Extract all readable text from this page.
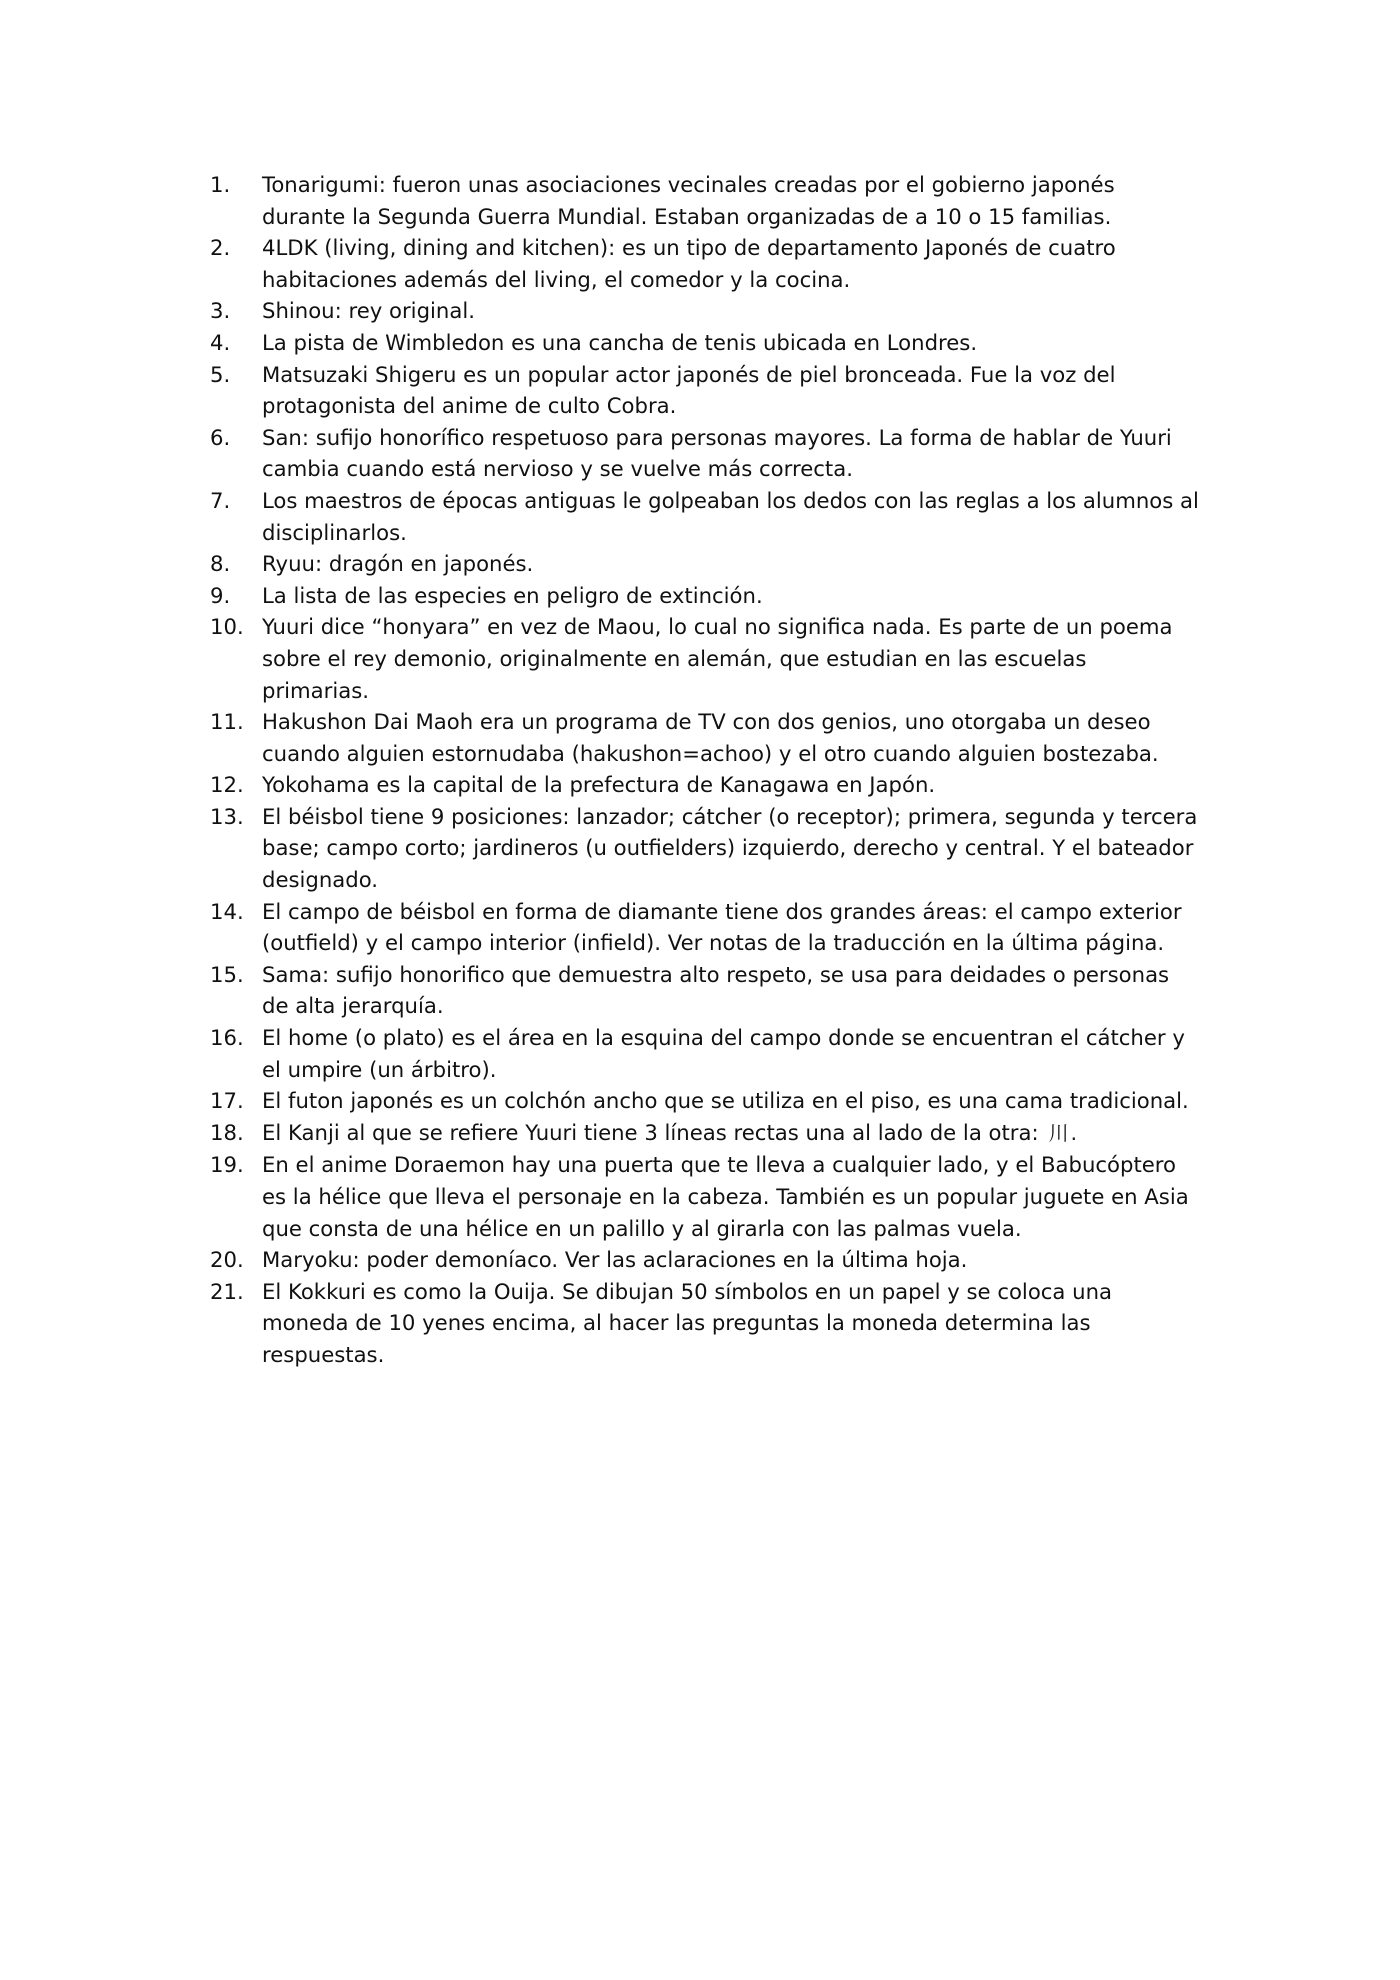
1.	Tonarigumi: fueron unas asociaciones vecinales creadas por el gobierno japonés durante la Segunda Guerra Mundial. Estaban organizadas de a 10 o 15 familias.
2.	4LDK (living, dining and kitchen): es un tipo de departamento Japonés de cuatro habitaciones además del living, el comedor y la cocina.
3.	Shinou: rey original.
4.	La pista de Wimbledon es una cancha de tenis ubicada en Londres.
5.	Matsuzaki Shigeru es un popular actor japonés de piel bronceada. Fue la voz del protagonista del anime de culto Cobra.
6.	San: sufijo honorífico respetuoso para personas mayores. La forma de hablar de Yuuri cambia cuando está nervioso y se vuelve más correcta.
7.	Los maestros de épocas antiguas le golpeaban los dedos con las reglas a los alumnos al disciplinarlos.
8.	Ryuu: dragón en japonés.
9.	La lista de las especies en peligro de extinción.
10. Yuuri dice “honyara” en vez de Maou, lo cual no significa nada. Es parte de un poema sobre el rey demonio, originalmente en alemán, que estudian en las escuelas primarias.
11. Hakushon Dai Maoh era un programa de TV con dos genios, uno otorgaba un deseo cuando alguien estornudaba (hakushon=achoo) y el otro cuando alguien bostezaba.
12. Yokohama es la capital de la prefectura de Kanagawa en Japón.
13. El béisbol tiene 9 posiciones: lanzador; cátcher (o receptor); primera, segunda y tercera base; campo corto; jardineros (u outfielders) izquierdo, derecho y central. Y el bateador designado.
14. El campo de béisbol en forma de diamante tiene dos grandes áreas: el campo exterior (outfield) y el campo interior (infield). Ver notas de la traducción en la última página.
15. Sama: sufijo honorifico que demuestra alto respeto, se usa para deidades o personas de alta jerarquía.
16. El home (o plato) es el área en la esquina del campo donde se encuentran el cátcher y el umpire (un árbitro).
17. El futon japonés es un colchón ancho que se utiliza en el piso, es una cama tradicional.
18. El Kanji al que se refiere Yuuri tiene 3 líneas rectas una al lado de la otra: 川.
19. En el anime Doraemon hay una puerta que te lleva a cualquier lado, y el Babucóptero es la hélice que lleva el personaje en la cabeza. También es un popular juguete en Asia que consta de una hélice en un palillo y al girarla con las palmas vuela.
20. Maryoku: poder demoníaco. Ver las aclaraciones en la última hoja.
21. El Kokkuri es como la Ouija. Se dibujan 50 símbolos en un papel y se coloca una moneda de 10 yenes encima, al hacer las preguntas la moneda determina las respuestas.
